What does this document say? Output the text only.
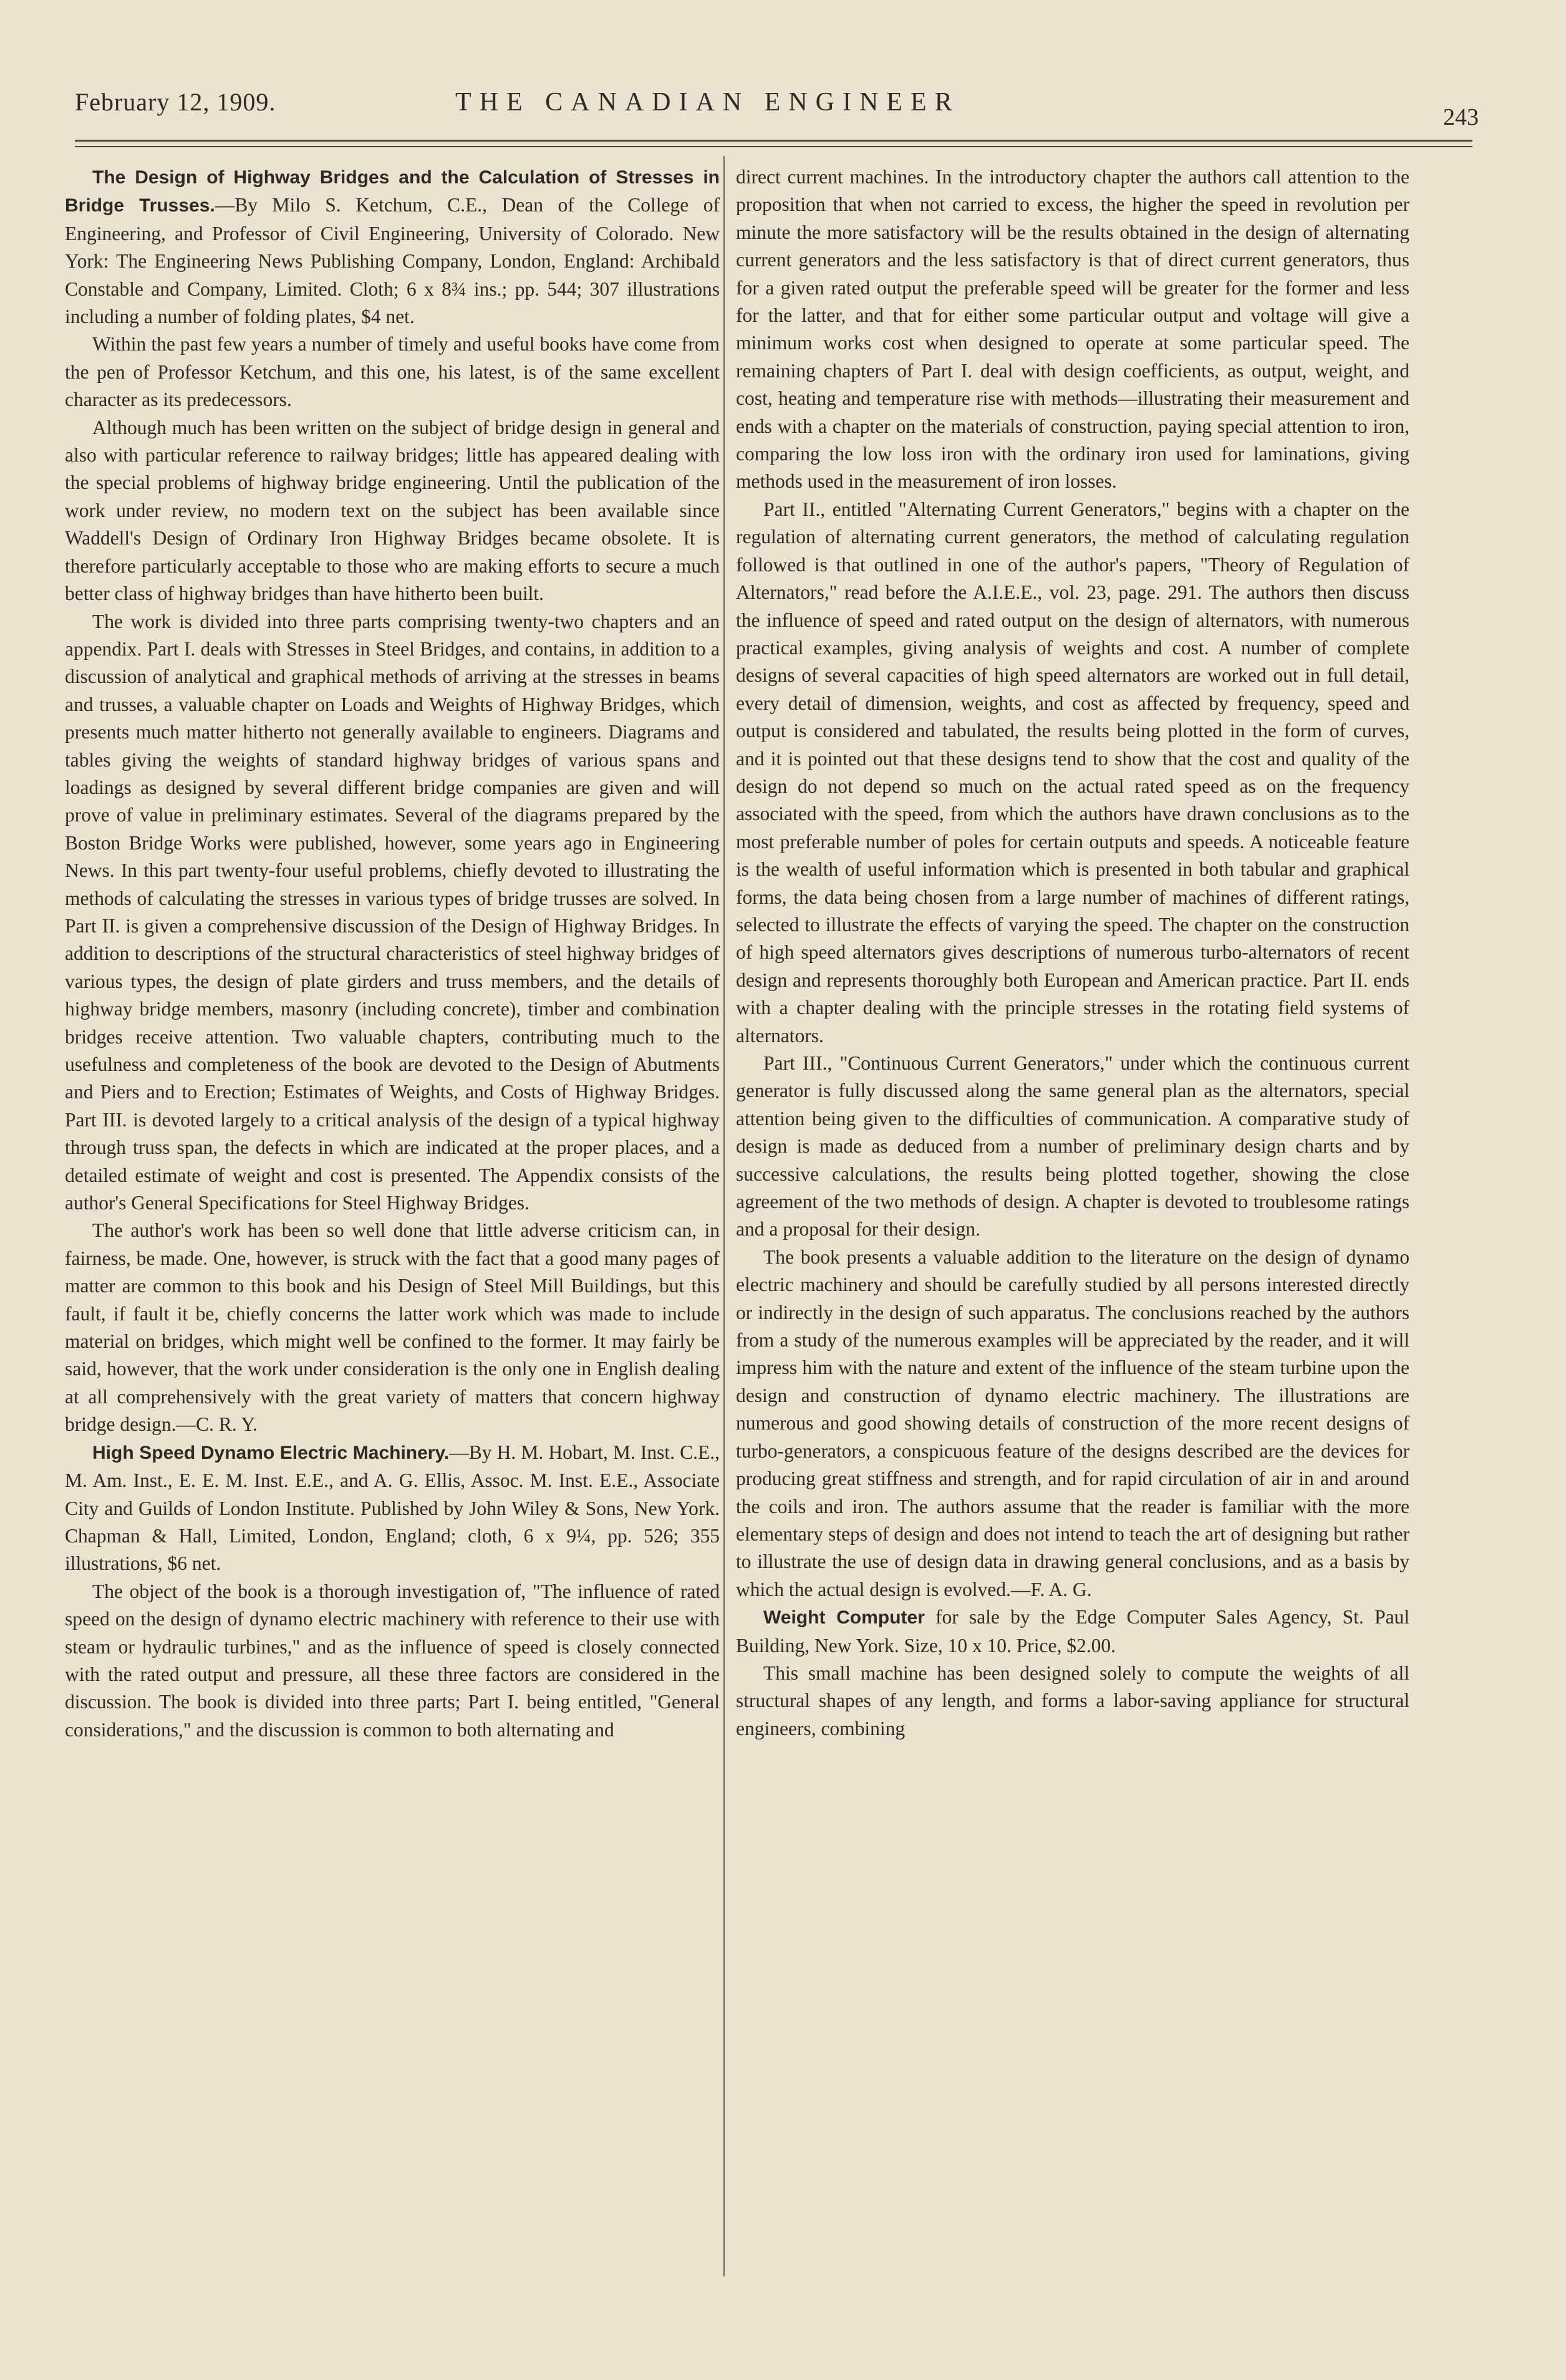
February 12, 1909.	THE CANADIAN ENGINEER
243

The Design of Highway Bridges and the Calculation of Stresses in Bridge Trusses.—By Milo S. Ketchum, C.E., Dean of the College of Engineering, and Professor of Civil Engineering, University of Colorado. New York: The Engineering News Publishing Company, London, England: Archibald Constable and Company, Limited. Cloth; 6 x 8¾ ins.; pp. 544; 307 illustrations including a number of folding plates, $4 net.

Within the past few years a number of timely and useful books have come from the pen of Professor Ketchum, and this one, his latest, is of the same excellent character as its predecessors.

Although much has been written on the subject of bridge design in general and also with particular reference to railway bridges; little has appeared dealing with the special problems of highway bridge engineering. Until the publication of the work under review, no modern text on the subject has been available since Waddell's Design of Ordinary Iron Highway Bridges became obsolete. It is therefore particularly acceptable to those who are making efforts to secure a much better class of highway bridges than have hitherto been built.

The work is divided into three parts comprising twenty-two chapters and an appendix. Part I. deals with Stresses in Steel Bridges, and contains, in addition to a discussion of analytical and graphical methods of arriving at the stresses in beams and trusses, a valuable chapter on Loads and Weights of Highway Bridges, which presents much matter hitherto not generally available to engineers. Diagrams and tables giving the weights of standard highway bridges of various spans and loadings as designed by several different bridge companies are given and will prove of value in preliminary estimates. Several of the diagrams prepared by the Boston Bridge Works were published, however, some years ago in Engineering News. In this part twenty-four useful problems, chiefly devoted to illustrating the methods of calculating the stresses in various types of bridge trusses are solved. In Part II. is given a comprehensive discussion of the Design of Highway Bridges. In addition to descriptions of the structural characteristics of steel highway bridges of various types, the design of plate girders and truss members, and the details of highway bridge members, masonry (including concrete), timber and combination bridges receive attention. Two valuable chapters, contributing much to the usefulness and completeness of the book are devoted to the Design of Abutments and Piers and to Erection; Estimates of Weights, and Costs of Highway Bridges. Part III. is devoted largely to a critical analysis of the design of a typical highway through truss span, the defects in which are indicated at the proper places, and a detailed estimate of weight and cost is presented. The Appendix consists of the author's General Specifications for Steel Highway Bridges.

The author's work has been so well done that little adverse criticism can, in fairness, be made. One, however, is struck with the fact that a good many pages of matter are common to this book and his Design of Steel Mill Buildings, but this fault, if fault it be, chiefly concerns the latter work which was made to include material on bridges, which might well be confined to the former. It may fairly be said, however, that the work under consideration is the only one in English dealing at all comprehensively with the great variety of matters that concern highway bridge design.—C. R. Y.

High Speed Dynamo Electric Machinery.—By H. M. Hobart, M. Inst. C.E., M. Am. Inst., E. E. M. Inst. E.E., and A. G. Ellis, Assoc. M. Inst. E.E., Associate City and Guilds of London Institute. Published by John Wiley & Sons, New York. Chapman & Hall, Limited, London, England; cloth, 6 x 9¼, pp. 526; 355 illustrations, $6 net.

The object of the book is a thorough investigation of, "The influence of rated speed on the design of dynamo electric machinery with reference to their use with steam or hydraulic turbines," and as the influence of speed is closely connected with the rated output and pressure, all these three factors are considered in the discussion. The book is divided into three parts; Part I. being entitled, "General considerations," and the discussion is common to both alternating and

direct current machines. In the introductory chapter the authors call attention to the proposition that when not carried to excess, the higher the speed in revolution per minute the more satisfactory will be the results obtained in the design of alternating current generators and the less satisfactory is that of direct current generators, thus for a given rated output the preferable speed will be greater for the former and less for the latter, and that for either some particular output and voltage will give a minimum works cost when designed to operate at some particular speed. The remaining chapters of Part I. deal with design coefficients, as output, weight, and cost, heating and temperature rise with methods—illustrating their measurement and ends with a chapter on the materials of construction, paying special attention to iron, comparing the low loss iron with the ordinary iron used for laminations, giving methods used in the measurement of iron losses.

Part II., entitled "Alternating Current Generators," begins with a chapter on the regulation of alternating current generators, the method of calculating regulation followed is that outlined in one of the author's papers, "Theory of Regulation of Alternators," read before the A.I.E.E., vol. 23, page. 291. The authors then discuss the influence of speed and rated output on the design of alternators, with numerous practical examples, giving analysis of weights and cost. A number of complete designs of several capacities of high speed alternators are worked out in full detail, every detail of dimension, weights, and cost as affected by frequency, speed and output is considered and tabulated, the results being plotted in the form of curves, and it is pointed out that these designs tend to show that the cost and quality of the design do not depend so much on the actual rated speed as on the frequency associated with the speed, from which the authors have drawn conclusions as to the most preferable number of poles for certain outputs and speeds. A noticeable feature is the wealth of useful information which is presented in both tabular and graphical forms, the data being chosen from a large number of machines of different ratings, selected to illustrate the effects of varying the speed. The chapter on the construction of high speed alternators gives descriptions of numerous turbo-alternators of recent design and represents thoroughly both European and American practice. Part II. ends with a chapter dealing with the principle stresses in the rotating field systems of alternators.

Part III., "Continuous Current Generators," under which the continuous current generator is fully discussed along the same general plan as the alternators, special attention being given to the difficulties of communication. A comparative study of design is made as deduced from a number of preliminary design charts and by successive calculations, the results being plotted together, showing the close agreement of the two methods of design. A chapter is devoted to troublesome ratings and a proposal for their design.

The book presents a valuable addition to the literature on the design of dynamo electric machinery and should be carefully studied by all persons interested directly or indirectly in the design of such apparatus. The conclusions reached by the authors from a study of the numerous examples will be appreciated by the reader, and it will impress him with the nature and extent of the influence of the steam turbine upon the design and construction of dynamo electric machinery. The illustrations are numerous and good showing details of construction of the more recent designs of turbo-generators, a conspicuous feature of the designs described are the devices for producing great stiffness and strength, and for rapid circulation of air in and around the coils and iron. The authors assume that the reader is familiar with the more elementary steps of design and does not intend to teach the art of designing but rather to illustrate the use of design data in drawing general conclusions, and as a basis by which the actual design is evolved.—F. A. G.

Weight Computer for sale by the Edge Computer Sales Agency, St. Paul Building, New York. Size, 10 x 10. Price, $2.00.

This small machine has been designed solely to compute the weights of all structural shapes of any length, and forms a labor-saving appliance for structural engineers, combining
